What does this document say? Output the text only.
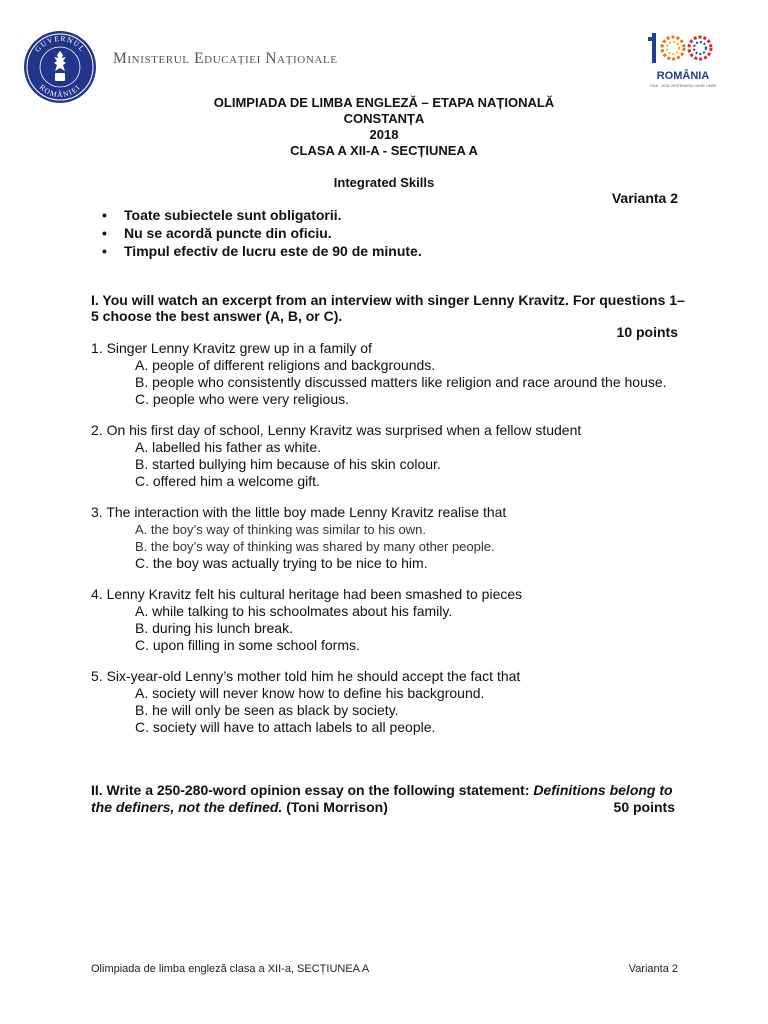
GUVERNUL
ROMÂNIEI
Ministerul Educației Naționale
ROMÂNIA
1918 · 2018 CENTENARUL MARII UNIRI
OLIMPIADA DE LIMBA ENGLEZĂ – ETAPA NAȚIONALĂ
CONSTANȚA
2018
CLASA A XII-A - SECȚIUNEA A
Integrated Skills
Varianta 2
•	Toate subiectele sunt obligatorii.
•	Nu se acordă puncte din oficiu.
•	Timpul efectiv de lucru este de 90 de minute.
I. You will watch an excerpt from an interview with singer Lenny Kravitz. For questions 1–
5 choose the best answer (A, B, or C).
10 points
1. Singer Lenny Kravitz grew up in a family of
A. people of different religions and backgrounds.
B. people who consistently discussed matters like religion and race around the house.
C. people who were very religious.
2. On his first day of school, Lenny Kravitz was surprised when a fellow student
A. labelled his father as white.
B. started bullying him because of his skin colour.
C. offered him a welcome gift.
3. The interaction with the little boy made Lenny Kravitz realise that
A. the boy’s way of thinking was similar to his own.
B. the boy’s way of thinking was shared by many other people.
C. the boy was actually trying to be nice to him.
4. Lenny Kravitz felt his cultural heritage had been smashed to pieces
A. while talking to his schoolmates about his family.
B. during his lunch break.
C. upon filling in some school forms.
5. Six-year-old Lenny’s mother told him he should accept the fact that
A. society will never know how to define his background.
B. he will only be seen as black by society.
C. society will have to attach labels to all people.
II. Write a 250-280-word opinion essay on the following statement: Definitions belong to
the definers, not the defined. (Toni Morrison)	50 points
Olimpiada de limba engleză clasa a XII-a, SECȚIUNEA A	Varianta 2
